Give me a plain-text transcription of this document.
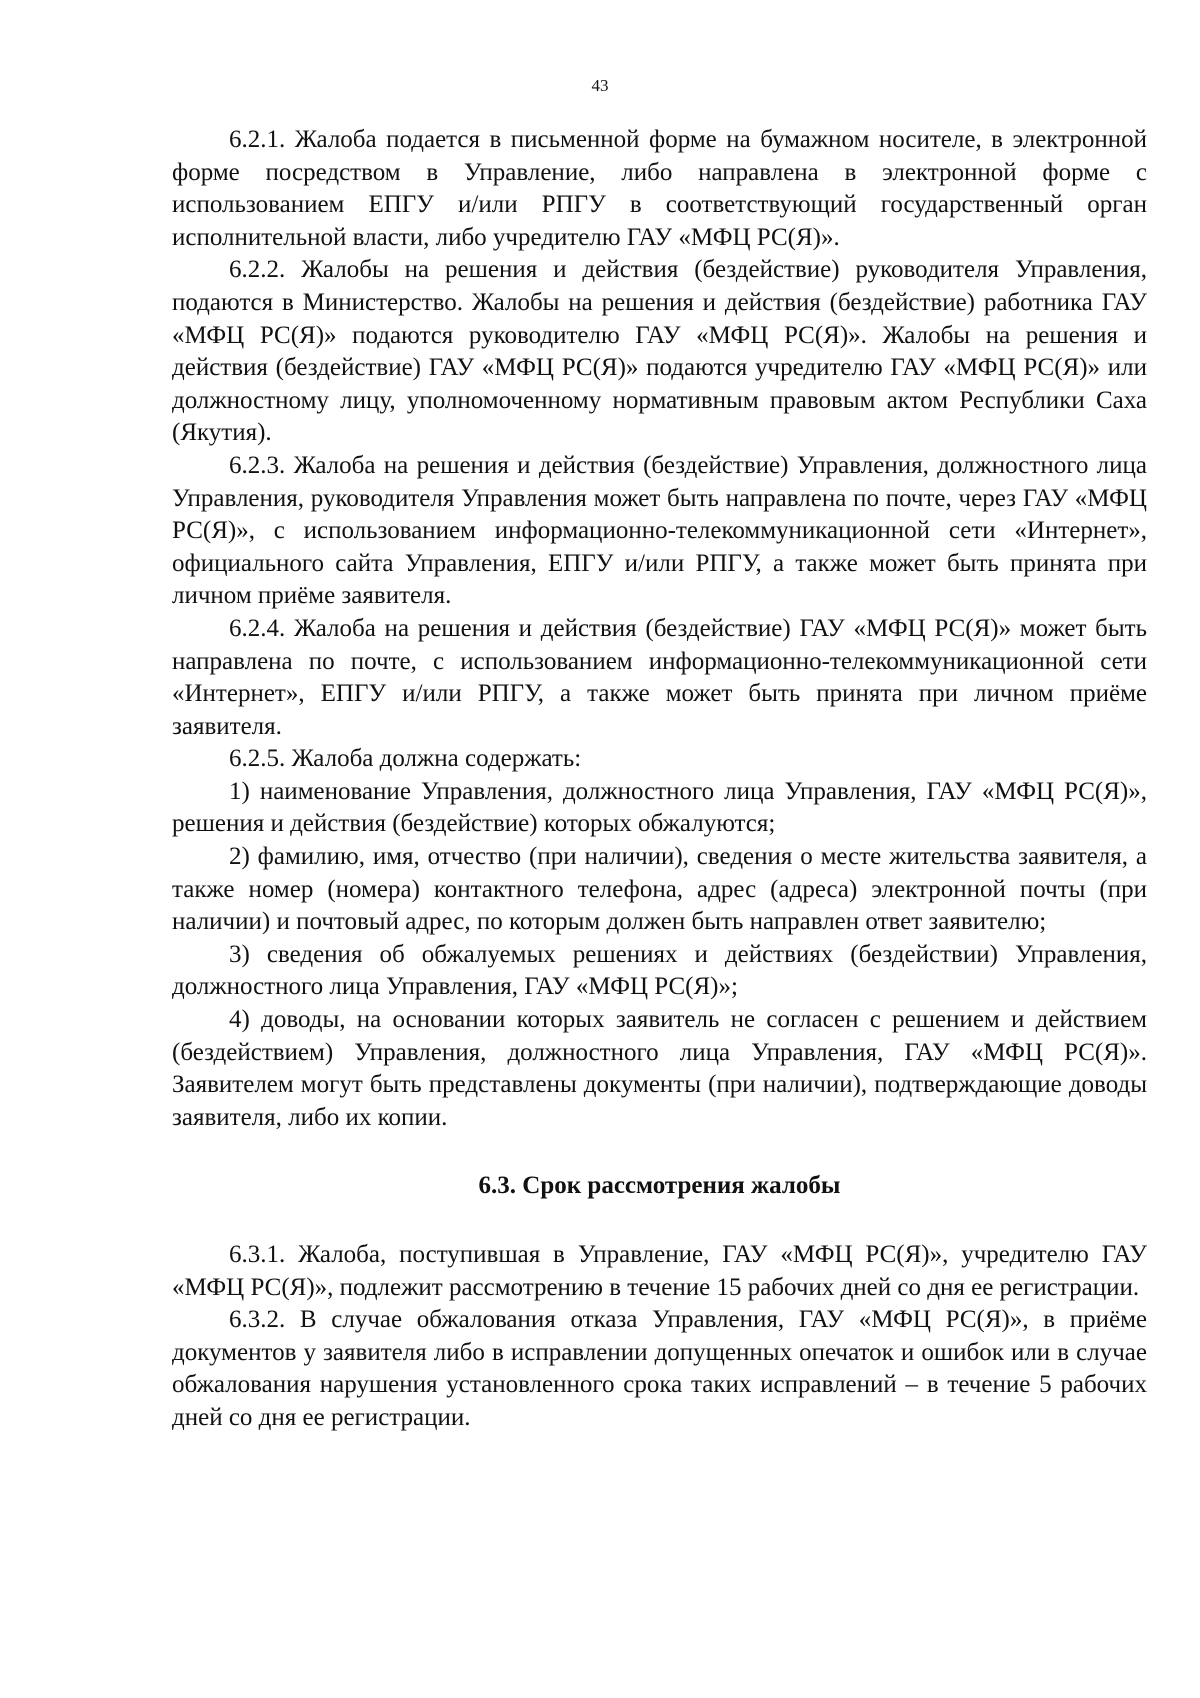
43

6.2.1. Жалоба подается в письменной форме на бумажном носителе, в электронной форме посредством в Управление, либо направлена в электронной форме с использованием ЕПГУ и/или РПГУ в соответствующий государственный орган исполнительной власти, либо учредителю ГАУ «МФЦ РС(Я)».

6.2.2. Жалобы на решения и действия (бездействие) руководителя Управления, подаются в Министерство. Жалобы на решения и действия (бездействие) работника ГАУ «МФЦ РС(Я)» подаются руководителю ГАУ «МФЦ РС(Я)». Жалобы на решения и действия (бездействие) ГАУ «МФЦ РС(Я)» подаются учредителю ГАУ «МФЦ РС(Я)» или должностному лицу, уполномоченному нормативным правовым актом Республики Саха (Якутия).

6.2.3. Жалоба на решения и действия (бездействие) Управления, должностного лица Управления, руководителя Управления может быть направлена по почте, через ГАУ «МФЦ РС(Я)», с использованием информационно-телекоммуникационной сети «Интернет», официального сайта Управления, ЕПГУ и/или РПГУ, а также может быть принята при личном приёме заявителя.

6.2.4. Жалоба на решения и действия (бездействие) ГАУ «МФЦ РС(Я)» может быть направлена по почте, с использованием информационно-телекоммуникационной сети «Интернет», ЕПГУ и/или РПГУ, а также может быть принята при личном приёме заявителя.

6.2.5. Жалоба должна содержать:

1) наименование Управления, должностного лица Управления, ГАУ «МФЦ РС(Я)», решения и действия (бездействие) которых обжалуются;

2) фамилию, имя, отчество (при наличии), сведения о месте жительства заявителя, а также номер (номера) контактного телефона, адрес (адреса) электронной почты (при наличии) и почтовый адрес, по которым должен быть направлен ответ заявителю;

3) сведения об обжалуемых решениях и действиях (бездействии) Управления, должностного лица Управления, ГАУ «МФЦ РС(Я)»;

4) доводы, на основании которых заявитель не согласен с решением и действием (бездействием) Управления, должностного лица Управления, ГАУ «МФЦ РС(Я)». Заявителем могут быть представлены документы (при наличии), подтверждающие доводы заявителя, либо их копии.

6.3. Срок рассмотрения жалобы

6.3.1. Жалоба, поступившая в Управление, ГАУ «МФЦ РС(Я)», учредителю ГАУ «МФЦ РС(Я)», подлежит рассмотрению в течение 15 рабочих дней со дня ее регистрации.

6.3.2. В случае обжалования отказа Управления, ГАУ «МФЦ РС(Я)», в приёме документов у заявителя либо в исправлении допущенных опечаток и ошибок или в случае обжалования нарушения установленного срока таких исправлений – в течение 5 рабочих дней со дня ее регистрации.
